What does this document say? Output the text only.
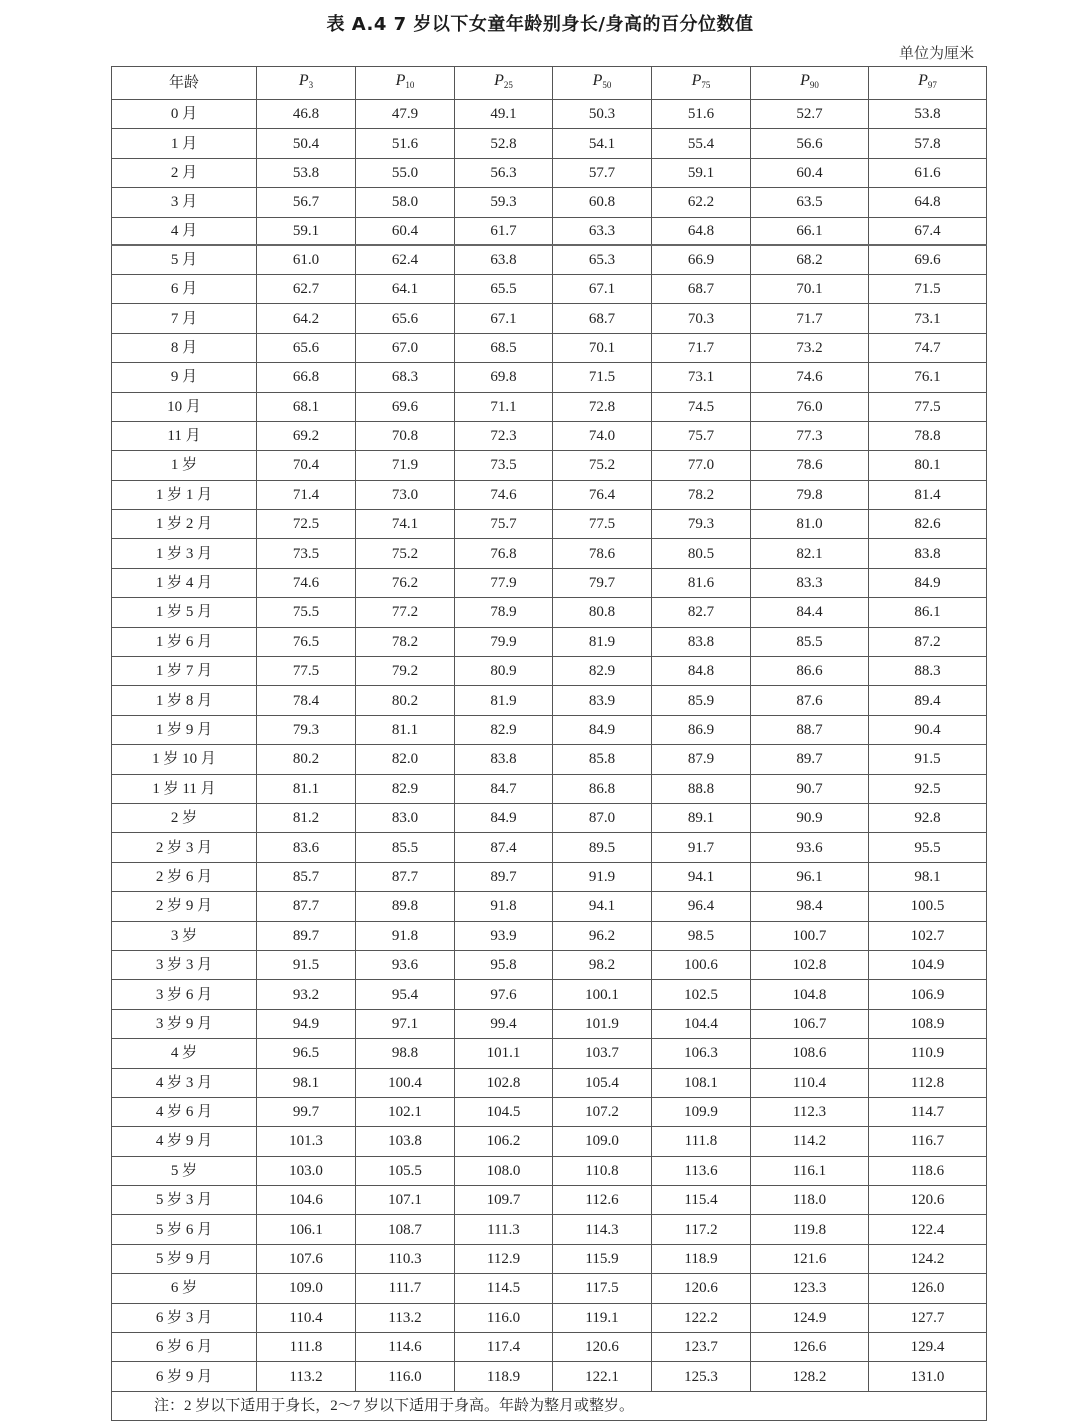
表 A.4 7 岁以下女童年龄别身长/身高的百分位数值
单位为厘米
年龄	$P_3$	$P_{10}$	$P_{25}$	$P_{50}$	$P_{75}$	$P_{90}$	$P_{97}$
0 月	46.8	47.9	49.1	50.3	51.6	52.7	53.8
1 月	50.4	51.6	52.8	54.1	55.4	56.6	57.8
2 月	53.8	55.0	56.3	57.7	59.1	60.4	61.6
3 月	56.7	58.0	59.3	60.8	62.2	63.5	64.8
4 月	59.1	60.4	61.7	63.3	64.8	66.1	67.4
5 月	61.0	62.4	63.8	65.3	66.9	68.2	69.6
6 月	62.7	64.1	65.5	67.1	68.7	70.1	71.5
7 月	64.2	65.6	67.1	68.7	70.3	71.7	73.1
8 月	65.6	67.0	68.5	70.1	71.7	73.2	74.7
9 月	66.8	68.3	69.8	71.5	73.1	74.6	76.1
10 月	68.1	69.6	71.1	72.8	74.5	76.0	77.5
11 月	69.2	70.8	72.3	74.0	75.7	77.3	78.8
1 岁	70.4	71.9	73.5	75.2	77.0	78.6	80.1
1 岁 1 月	71.4	73.0	74.6	76.4	78.2	79.8	81.4
1 岁 2 月	72.5	74.1	75.7	77.5	79.3	81.0	82.6
1 岁 3 月	73.5	75.2	76.8	78.6	80.5	82.1	83.8
1 岁 4 月	74.6	76.2	77.9	79.7	81.6	83.3	84.9
1 岁 5 月	75.5	77.2	78.9	80.8	82.7	84.4	86.1
1 岁 6 月	76.5	78.2	79.9	81.9	83.8	85.5	87.2
1 岁 7 月	77.5	79.2	80.9	82.9	84.8	86.6	88.3
1 岁 8 月	78.4	80.2	81.9	83.9	85.9	87.6	89.4
1 岁 9 月	79.3	81.1	82.9	84.9	86.9	88.7	90.4
1 岁 10 月	80.2	82.0	83.8	85.8	87.9	89.7	91.5
1 岁 11 月	81.1	82.9	84.7	86.8	88.8	90.7	92.5
2 岁	81.2	83.0	84.9	87.0	89.1	90.9	92.8
2 岁 3 月	83.6	85.5	87.4	89.5	91.7	93.6	95.5
2 岁 6 月	85.7	87.7	89.7	91.9	94.1	96.1	98.1
2 岁 9 月	87.7	89.8	91.8	94.1	96.4	98.4	100.5
3 岁	89.7	91.8	93.9	96.2	98.5	100.7	102.7
3 岁 3 月	91.5	93.6	95.8	98.2	100.6	102.8	104.9
3 岁 6 月	93.2	95.4	97.6	100.1	102.5	104.8	106.9
3 岁 9 月	94.9	97.1	99.4	101.9	104.4	106.7	108.9
4 岁	96.5	98.8	101.1	103.7	106.3	108.6	110.9
4 岁 3 月	98.1	100.4	102.8	105.4	108.1	110.4	112.8
4 岁 6 月	99.7	102.1	104.5	107.2	109.9	112.3	114.7
4 岁 9 月	101.3	103.8	106.2	109.0	111.8	114.2	116.7
5 岁	103.0	105.5	108.0	110.8	113.6	116.1	118.6
5 岁 3 月	104.6	107.1	109.7	112.6	115.4	118.0	120.6
5 岁 6 月	106.1	108.7	111.3	114.3	117.2	119.8	122.4
5 岁 9 月	107.6	110.3	112.9	115.9	118.9	121.6	124.2
6 岁	109.0	111.7	114.5	117.5	120.6	123.3	126.0
6 岁 3 月	110.4	113.2	116.0	119.1	122.2	124.9	127.7
6 岁 6 月	111.8	114.6	117.4	120.6	123.7	126.6	129.4
6 岁 9 月	113.2	116.0	118.9	122.1	125.3	128.2	131.0
注：2 岁以下适用于身长，2～7 岁以下适用于身高。年龄为整月或整岁。							
